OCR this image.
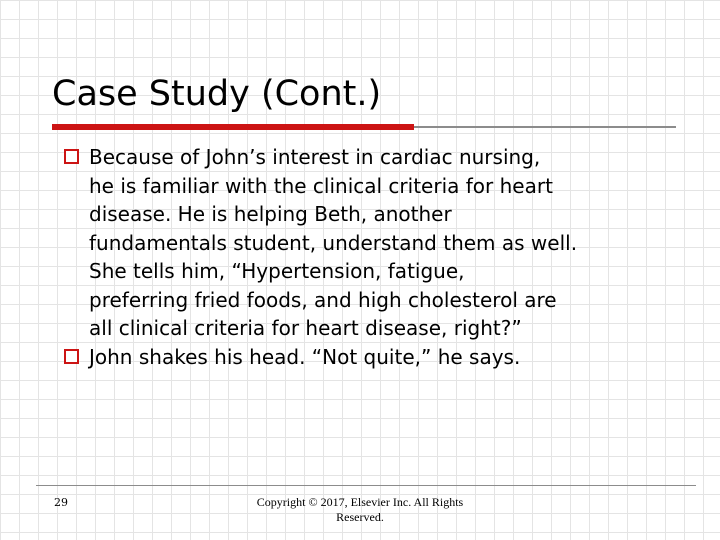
Case Study (Cont.)
Because of John’s interest in cardiac nursing,
he is familiar with the clinical criteria for heart
disease. He is helping Beth, another
fundamentals student, understand them as well.
She tells him, “Hypertension, fatigue,
preferring fried foods, and high cholesterol are
all clinical criteria for heart disease, right?”
John shakes his head. “Not quite,” he says.
29	Copyright © 2017, Elsevier Inc. All Rights
Reserved.
